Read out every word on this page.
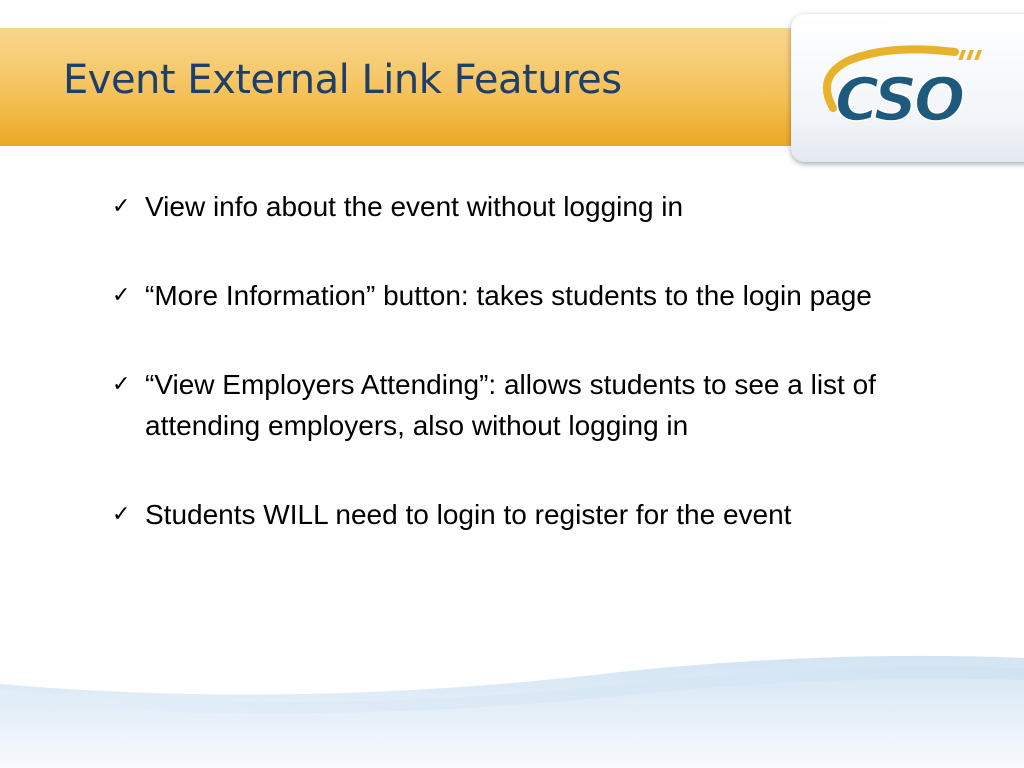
Event External Link Features	CSO
✓ View info about the event without logging in
✓ “More Information” button: takes students to the login page
✓ “View Employers Attending”: allows students to see a list of attending employers, also without logging in
✓ Students WILL need to login to register for the event
